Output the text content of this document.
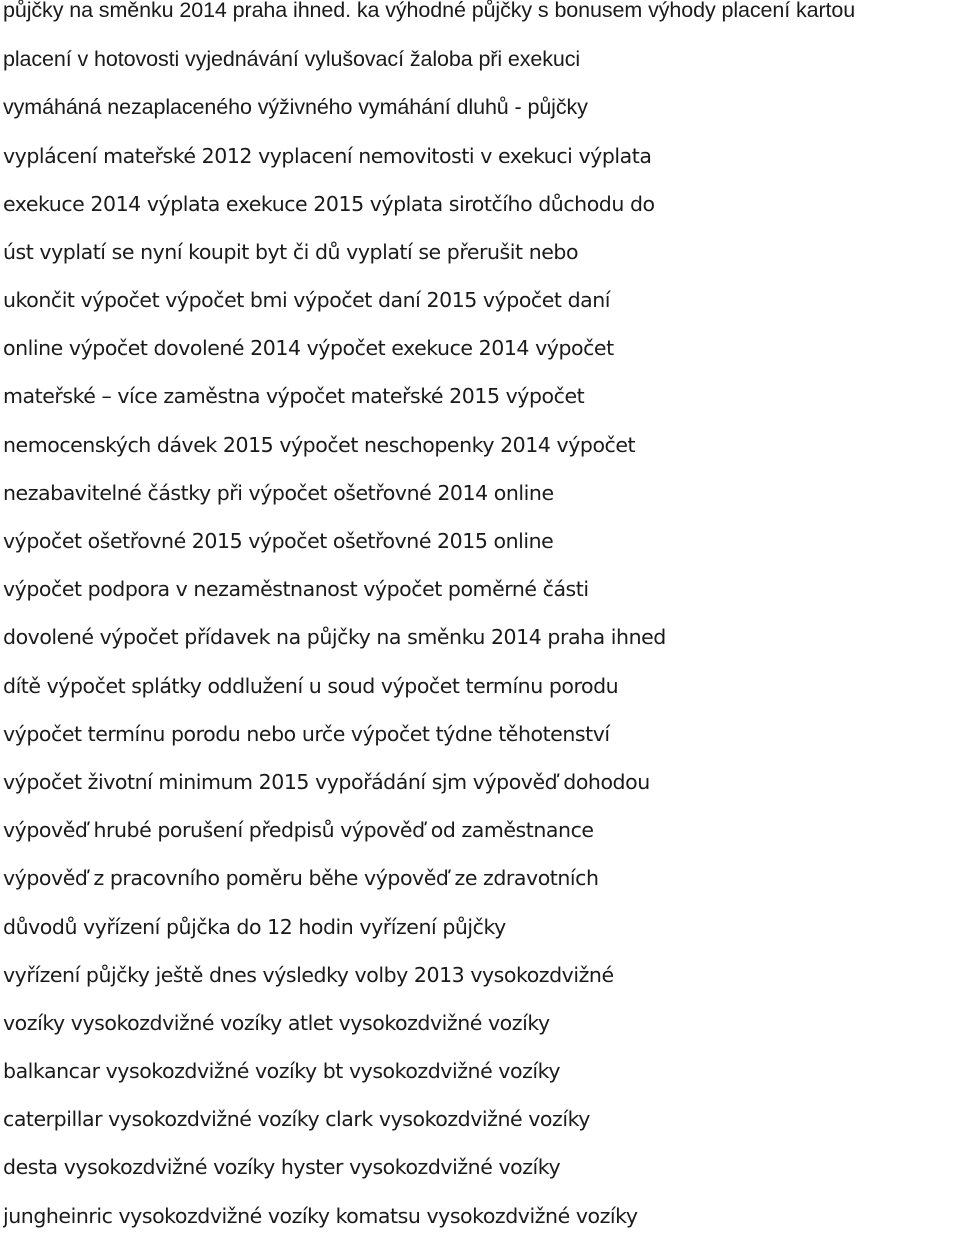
půjčky na směnku 2014 praha ihned. ka výhodné půjčky s bonusem výhody placení kartou
placení v hotovosti vyjednávání vylušovací žaloba při exekuci
vymáháná nezaplaceného výživného vymáhání dluhů - půjčky
vyplácení mateřské 2012 vyplacení nemovitosti v exekuci výplata
exekuce 2014 výplata exekuce 2015 výplata sirotčího důchodu do
úst vyplatí se nyní koupit byt či dů vyplatí se přerušit nebo
ukončit výpočet výpočet bmi výpočet daní 2015 výpočet daní
online výpočet dovolené 2014 výpočet exekuce 2014 výpočet
mateřské – více zaměstna výpočet mateřské 2015 výpočet
nemocenských dávek 2015 výpočet neschopenky 2014 výpočet
nezabavitelné částky při výpočet ošetřovné 2014 online
výpočet ošetřovné 2015 výpočet ošetřovné 2015 online
výpočet podpora v nezaměstnanost výpočet poměrné části
dovolené výpočet přídavek na půjčky na směnku 2014 praha ihned
dítě výpočet splátky oddlužení u soud výpočet termínu porodu
výpočet termínu porodu nebo urče výpočet týdne těhotenství
výpočet životní minimum 2015 vypořádání sjm výpověď dohodou
výpověď hrubé porušení předpisů výpověď od zaměstnance
výpověď z pracovního poměru běhe výpověď ze zdravotních
důvodů vyřízení půjčka do 12 hodin vyřízení půjčky
vyřízení půjčky ještě dnes výsledky volby 2013 vysokozdvižné
vozíky vysokozdvižné vozíky atlet vysokozdvižné vozíky
balkancar vysokozdvižné vozíky bt vysokozdvižné vozíky
caterpillar vysokozdvižné vozíky clark vysokozdvižné vozíky
desta vysokozdvižné vozíky hyster vysokozdvižné vozíky
jungheinric vysokozdvižné vozíky komatsu vysokozdvižné vozíky
